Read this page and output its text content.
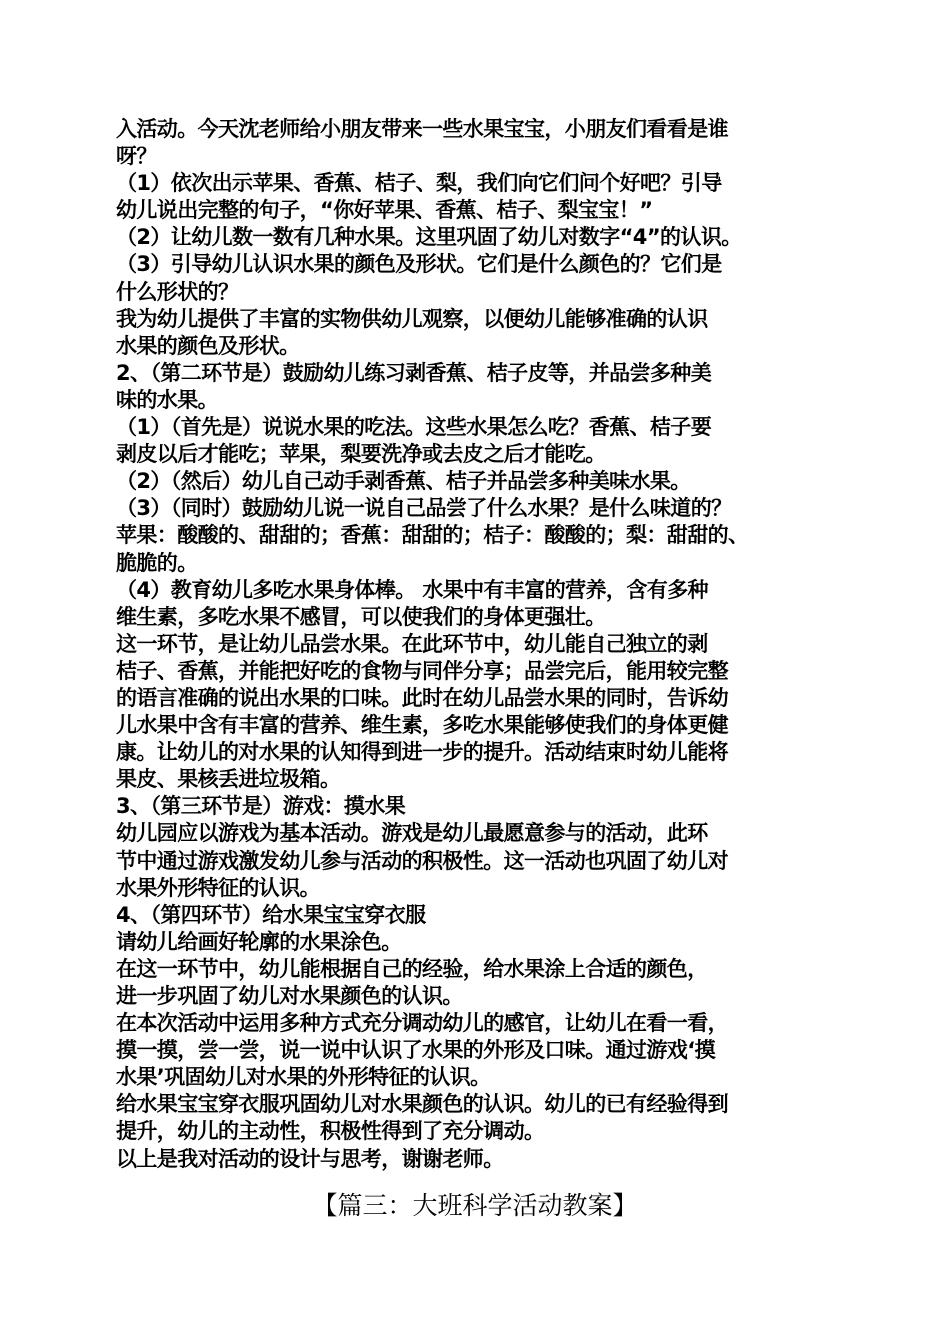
入活动。今天沈老师给小朋友带来一些水果宝宝，小朋友们看看是谁
呀？
（1）依次出示苹果、香蕉、桔子、梨，我们向它们问个好吧？引导
幼儿说出完整的句子，“你好苹果、香蕉、桔子、梨宝宝！”
（2）让幼儿数一数有几种水果。这里巩固了幼儿对数字“4”的认识。
（3）引导幼儿认识水果的颜色及形状。它们是什么颜色的？它们是
什么形状的？
我为幼儿提供了丰富的实物供幼儿观察，以便幼儿能够准确的认识
水果的颜色及形状。
2、（第二环节是）鼓励幼儿练习剥香蕉、桔子皮等，并品尝多种美
味的水果。
（1）（首先是）说说水果的吃法。这些水果怎么吃？香蕉、桔子要
剥皮以后才能吃；苹果，梨要洗净或去皮之后才能吃。
（2）（然后）幼儿自己动手剥香蕉、桔子并品尝多种美味水果。
（3）（同时）鼓励幼儿说一说自己品尝了什么水果？是什么味道的？
苹果：酸酸的、甜甜的；香蕉：甜甜的；桔子：酸酸的；梨：甜甜的、
脆脆的。
（4）教育幼儿多吃水果身体棒。 水果中有丰富的营养，含有多种
维生素，多吃水果不感冒，可以使我们的身体更强壮。
这一环节，是让幼儿品尝水果。在此环节中，幼儿能自己独立的剥
桔子、香蕉，并能把好吃的食物与同伴分享；品尝完后，能用较完整
的语言准确的说出水果的口味。此时在幼儿品尝水果的同时，告诉幼
儿水果中含有丰富的营养、维生素，多吃水果能够使我们的身体更健
康。让幼儿的对水果的认知得到进一步的提升。活动结束时幼儿能将
果皮、果核丢进垃圾箱。
3、（第三环节是）游戏：摸水果
幼儿园应以游戏为基本活动。游戏是幼儿最愿意参与的活动，此环
节中通过游戏激发幼儿参与活动的积极性。这一活动也巩固了幼儿对
水果外形特征的认识。
4、（第四环节）给水果宝宝穿衣服
请幼儿给画好轮廓的水果涂色。
在这一环节中，幼儿能根据自己的经验，给水果涂上合适的颜色，
进一步巩固了幼儿对水果颜色的认识。
在本次活动中运用多种方式充分调动幼儿的感官，让幼儿在看一看，
摸一摸，尝一尝，说一说中认识了水果的外形及口味。通过游戏‘摸
水果’巩固幼儿对水果的外形特征的认识。
给水果宝宝穿衣服巩固幼儿对水果颜色的认识。幼儿的已有经验得到
提升，幼儿的主动性，积极性得到了充分调动。
以上是我对活动的设计与思考，谢谢老师。
【篇三：大班科学活动教案】
